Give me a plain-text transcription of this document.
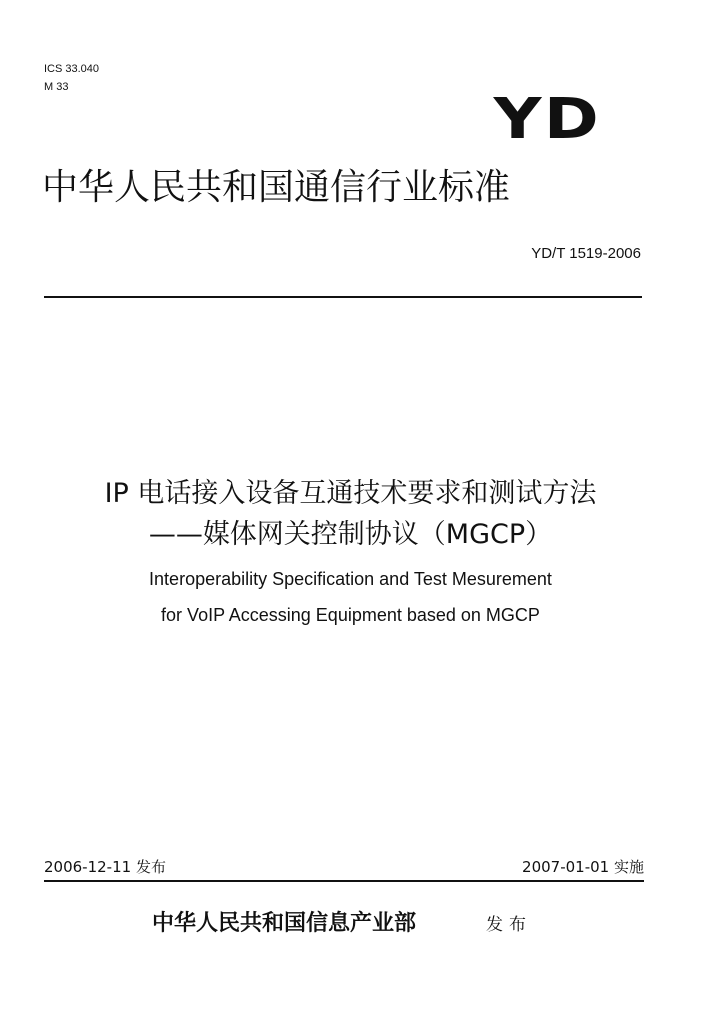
ICS 33.040
M 33	YD
中华人民共和国通信行业标准
YD/T 1519-2006
IP 电话接入设备互通技术要求和测试方法
——媒体网关控制协议（MGCP）
Interoperability Specification and Test Mesurement
for VoIP Accessing Equipment based on MGCP
2006-12-11 发布	2007-01-01 实施
中华人民共和国信息产业部	发布
